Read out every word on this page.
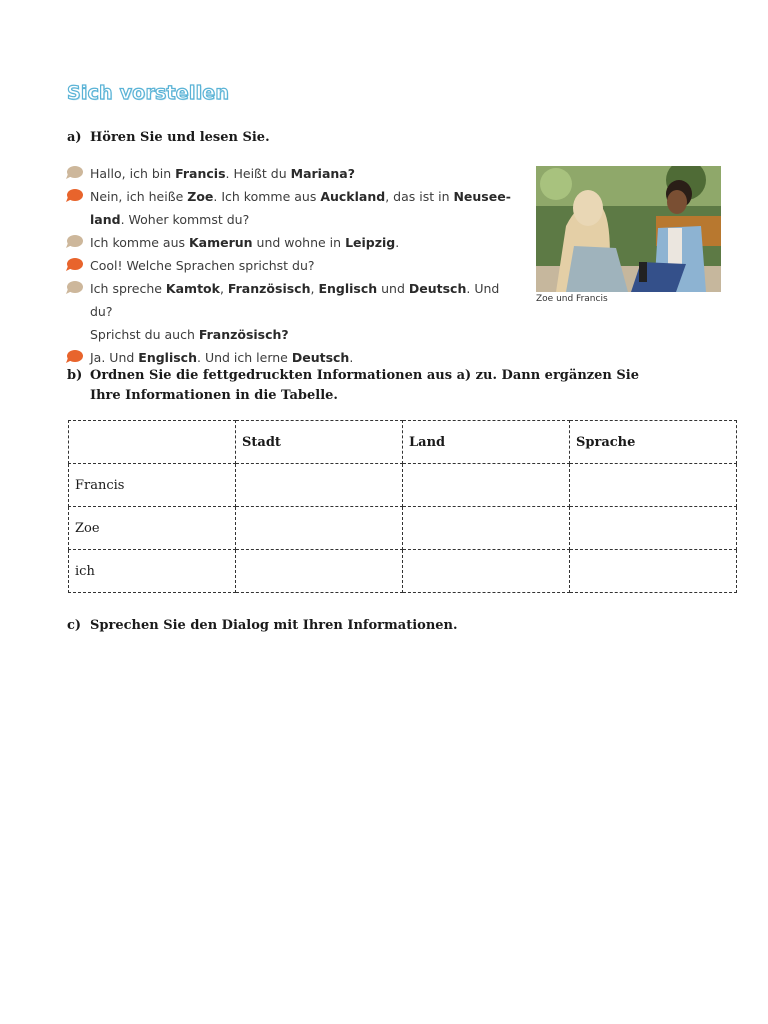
Sich vorstellen
a) Hören Sie und lesen Sie.
Hallo, ich bin Francis. Heißt du Mariana?
Nein, ich heiße Zoe. Ich komme aus Auckland, das ist in Neusee-
land. Woher kommst du?
Ich komme aus Kamerun und wohne in Leipzig.
Cool! Welche Sprachen sprichst du?
Ich spreche Kamtok, Französisch, Englisch und Deutsch. Und du?
Sprichst du auch Französisch?
Ja. Und Englisch. Und ich lerne Deutsch.
Zoe und Francis
b) Ordnen Sie die fettgedruckten Informationen aus a) zu. Dann ergänzen Sie Ihre Informationen in die Tabelle.
	Stadt	Land	Sprache
Francis			
Zoe			
ich			
c) Sprechen Sie den Dialog mit Ihren Informationen.
